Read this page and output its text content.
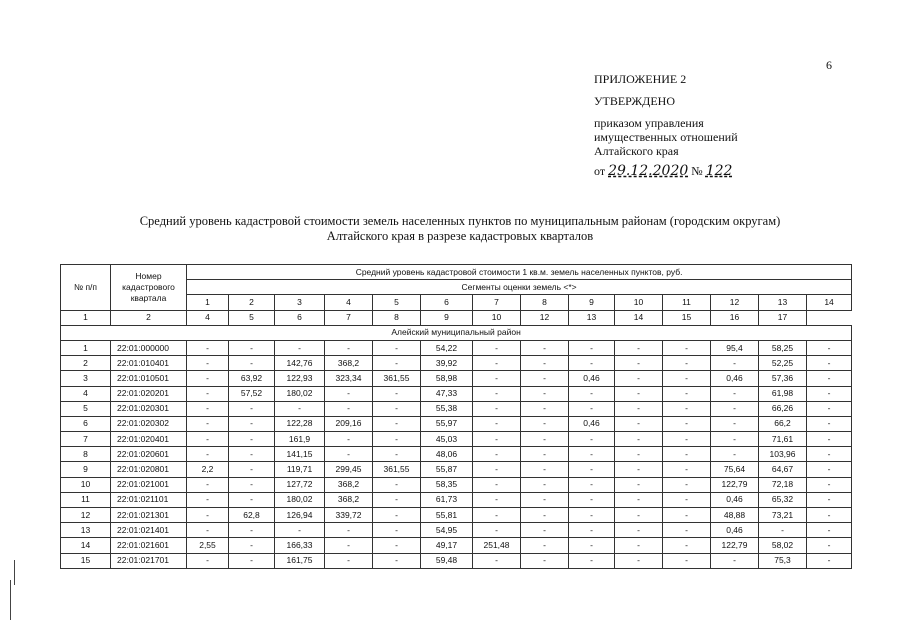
6
ПРИЛОЖЕНИЕ 2
УТВЕРЖДЕНО
приказом управления
имущественных отношений
Алтайского края
от 29.12.2020 № 122
Средний уровень кадастровой стоимости земель населенных пунктов по муниципальным районам (городским округам)
Алтайского края в разрезе кадастровых кварталов
№ п/п	Номер кадастрового квартала	Средний уровень кадастровой стоимости 1 кв.м. земель населенных пунктов, руб.													
		Сегменты оценки земель <*>													
		1	2	3	4	5	6	7	8	9	10	11	12	13	14
1	2	4	5	6	7	8	9	10	12	13	14	15	16	17	
Алейский муниципальный район															
1	22:01:000000	-	-	-	-	-	54,22	-	-	-	-	-	95,4	58,25	-
2	22:01:010401	-	-	142,76	368,2	-	39,92	-	-	-	-	-	-	52,25	-
3	22:01:010501	-	63,92	122,93	323,34	361,55	58,98	-	-	0,46	-	-	0,46	57,36	-
4	22:01:020201	-	57,52	180,02	-	-	47,33	-	-	-	-	-	-	61,98	-
5	22:01:020301	-	-	-	-	-	55,38	-	-	-	-	-	-	66,26	-
6	22:01:020302	-	-	122,28	209,16	-	55,97	-	-	0,46	-	-	-	66,2	-
7	22:01:020401	-	-	161,9	-	-	45,03	-	-	-	-	-	-	71,61	-
8	22:01:020601	-	-	141,15	-	-	48,06	-	-	-	-	-	-	103,96	-
9	22:01:020801	2,2	-	119,71	299,45	361,55	55,87	-	-	-	-	-	75,64	64,67	-
10	22:01:021001	-	-	127,72	368,2	-	58,35	-	-	-	-	-	122,79	72,18	-
11	22:01:021101	-	-	180,02	368,2	-	61,73	-	-	-	-	-	0,46	65,32	-
12	22:01:021301	-	62,8	126,94	339,72	-	55,81	-	-	-	-	-	48,88	73,21	-
13	22:01:021401	-	-	-	-	-	54,95	-	-	-	-	-	0,46	-	-
14	22:01:021601	2,55	-	166,33	-	-	49,17	251,48	-	-	-	-	122,79	58,02	-
15	22:01:021701	-	-	161,75	-	-	59,48	-	-	-	-	-	-	75,3	-
